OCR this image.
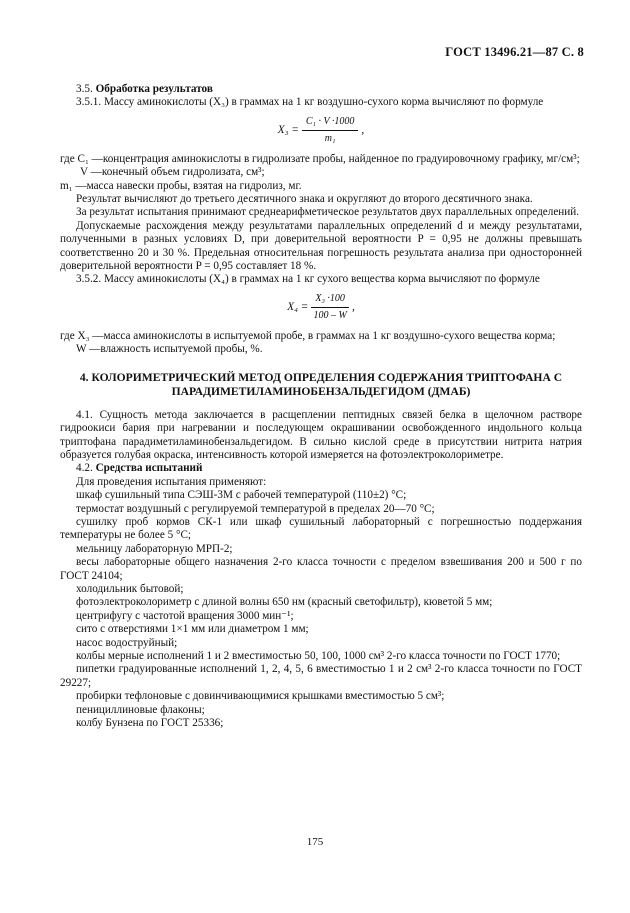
ГОСТ 13496.21—87 С. 8

3.5. Обработка результатов

3.5.1. Массу аминокислоты (X₃) в граммах на 1 кг воздушно-сухого корма вычисляют по формуле

$X_3 = \frac{\text{C₁ · V ·1000}}{\text{m₁}}$ ,
где C₁ — концентрация аминокислоты в гидролизате пробы, найденное по градуировочному графику, мг/см³;
V — конечный объем гидролизата, см³;
m₁ — масса навески пробы, взятая на гидролиз, мг.

Результат вычисляют до третьего десятичного знака и округляют до второго десятичного знака.

За результат испытания принимают среднеарифметическое результатов двух параллельных определений.

Допускаемые расхождения между результатами параллельных определений d и между результатами, полученными в разных условиях D, при доверительной вероятности P = 0,95 не должны превышать соответственно 20 и 30 %. Предельная относительная погрешность результата анализа при односторонней доверительной вероятности P = 0,95 составляет 18 %.

3.5.2. Массу аминокислоты (X₄) в граммах на 1 кг сухого вещества корма вычисляют по формуле

$X_4 = \frac{\text{X₃ ·100}}{100 - W}$ ,
где X₃ — масса аминокислоты в испытуемой пробе, в граммах на 1 кг воздушно-сухого вещества корма;
W — влажность испытуемой пробы, %.
4. КОЛОРИМЕТРИЧЕСКИЙ МЕТОД ОПРЕДЕЛЕНИЯ СОДЕРЖАНИЯ ТРИПТОФАНА С ПАРАДИМЕТИЛАМИНОБЕНЗАЛЬДЕГИДОМ (ДМАБ)

4.1. Сущность метода заключается в расщеплении пептидных связей белка в щелочном растворе гидроокиси бария при нагревании и последующем окрашивании освобожденного индольного кольца триптофана парадиметиламинобензальдегидом. В сильно кислой среде в присутствии нитрита натрия образуется голубая окраска, интенсивность которой измеряется на фотоэлектроколориметре.

4.2. Средства испытаний

Для проведения испытания применяют:

шкаф сушильный типа СЭШ-3М с рабочей температурой (110±2) °С;

термостат воздушный с регулируемой температурой в пределах 20—70 °С;

сушилку проб кормов СК-1 или шкаф сушильный лабораторный с погрешностью поддержания температуры не более 5 °С;

мельницу лабораторную МРП-2;

весы лабораторные общего назначения 2-го класса точности с пределом взвешивания 200 и 500 г по ГОСТ 24104;

холодильник бытовой;

фотоэлектроколориметр с длиной волны 650 нм (красный светофильтр), кюветой 5 мм;

центрифугу с частотой вращения 3000 мин⁻¹;

сито с отверстиями 1×1 мм или диаметром 1 мм;

насос водоструйный;

колбы мерные исполнений 1 и 2 вместимостью 50, 100, 1000 см³ 2-го класса точности по ГОСТ 1770;

пипетки градуированные исполнений 1, 2, 4, 5, 6 вместимостью 1 и 2 см³ 2-го класса точности по ГОСТ 29227;

пробирки тефлоновые с довинчивающимися крышками вместимостью 5 см³;

пенициллиновые флаконы;

колбу Бунзена по ГОСТ 25336;

175
